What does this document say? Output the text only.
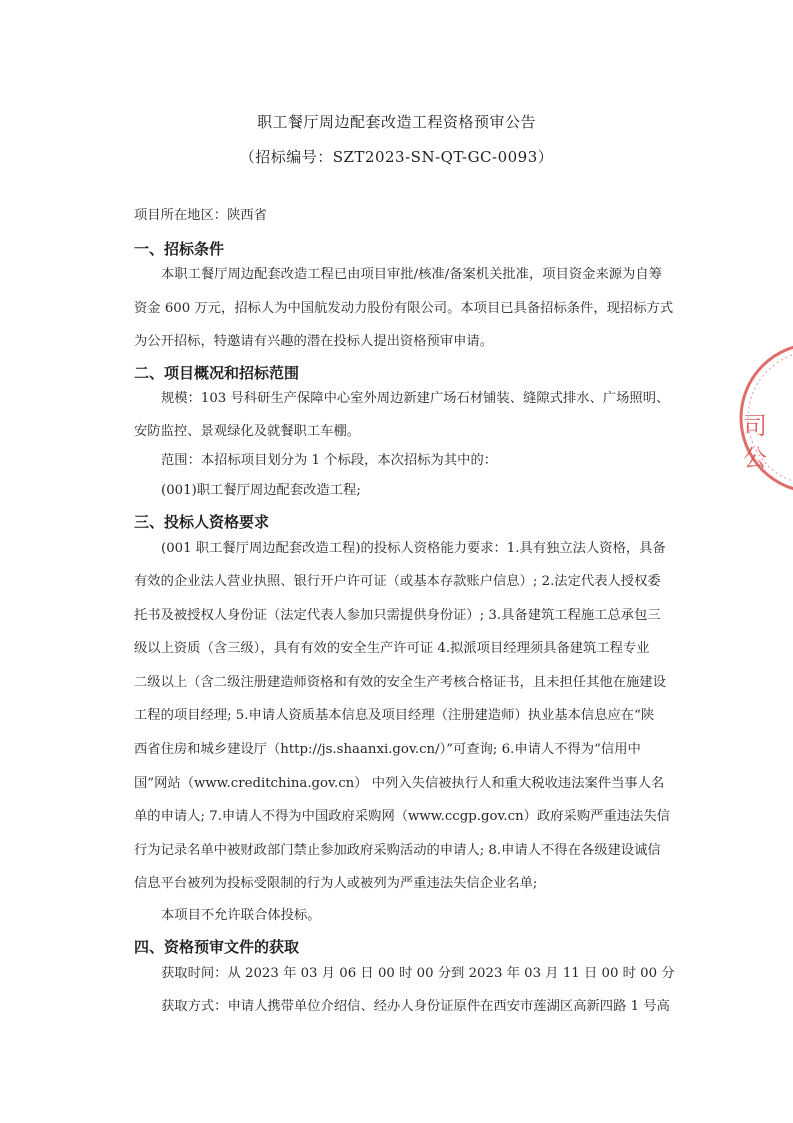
职工餐厅周边配套改造工程资格预审公告
（招标编号：SZT2023-SN-QT-GC-0093）
项目所在地区：陕西省
一、招标条件
本职工餐厅周边配套改造工程已由项目审批/核准/备案机关批准，项目资金来源为自筹
资金 600 万元，招标人为中国航发动力股份有限公司。本项目已具备招标条件，现招标方式
为公开招标，特邀请有兴趣的潜在投标人提出资格预审申请。
二、项目概况和招标范围
规模：103 号科研生产保障中心室外周边新建广场石材铺装、缝隙式排水、广场照明、
安防监控、景观绿化及就餐职工车棚。
范围：本招标项目划分为 1 个标段，本次招标为其中的：
(001)职工餐厅周边配套改造工程;
三、投标人资格要求
(001 职工餐厅周边配套改造工程)的投标人资格能力要求：1.具有独立法人资格，具备
有效的企业法人营业执照、银行开户许可证（或基本存款账户信息）; 2.法定代表人授权委
托书及被授权人身份证（法定代表人参加只需提供身份证）; 3.具备建筑工程施工总承包三
级以上资质（含三级），具有有效的安全生产许可证 4.拟派项目经理须具备建筑工程专业
二级以上（含二级注册建造师资格和有效的安全生产考核合格证书，且未担任其他在施建设
工程的项目经理; 5.申请人资质基本信息及项目经理（注册建造师）执业基本信息应在“陕
西省住房和城乡建设厅（http://js.shaanxi.gov.cn/）”可查询; 6.申请人不得为“信用中
国”网站（www.creditchina.gov.cn） 中列入失信被执行人和重大税收违法案件当事人名
单的申请人; 7.申请人不得为中国政府采购网（www.ccgp.gov.cn）政府采购严重违法失信
行为记录名单中被财政部门禁止参加政府采购活动的申请人; 8.申请人不得在各级建设诚信
信息平台被列为投标受限制的行为人或被列为严重违法失信企业名单;
本项目不允许联合体投标。
四、资格预审文件的获取
获取时间：从 2023 年 03 月 06 日 00 时 00 分到 2023 年 03 月 11 日 00 时 00 分
获取方式：申请人携带单位介绍信、经办人身份证原件在西安市莲湖区高新四路 1 号高
司
公
